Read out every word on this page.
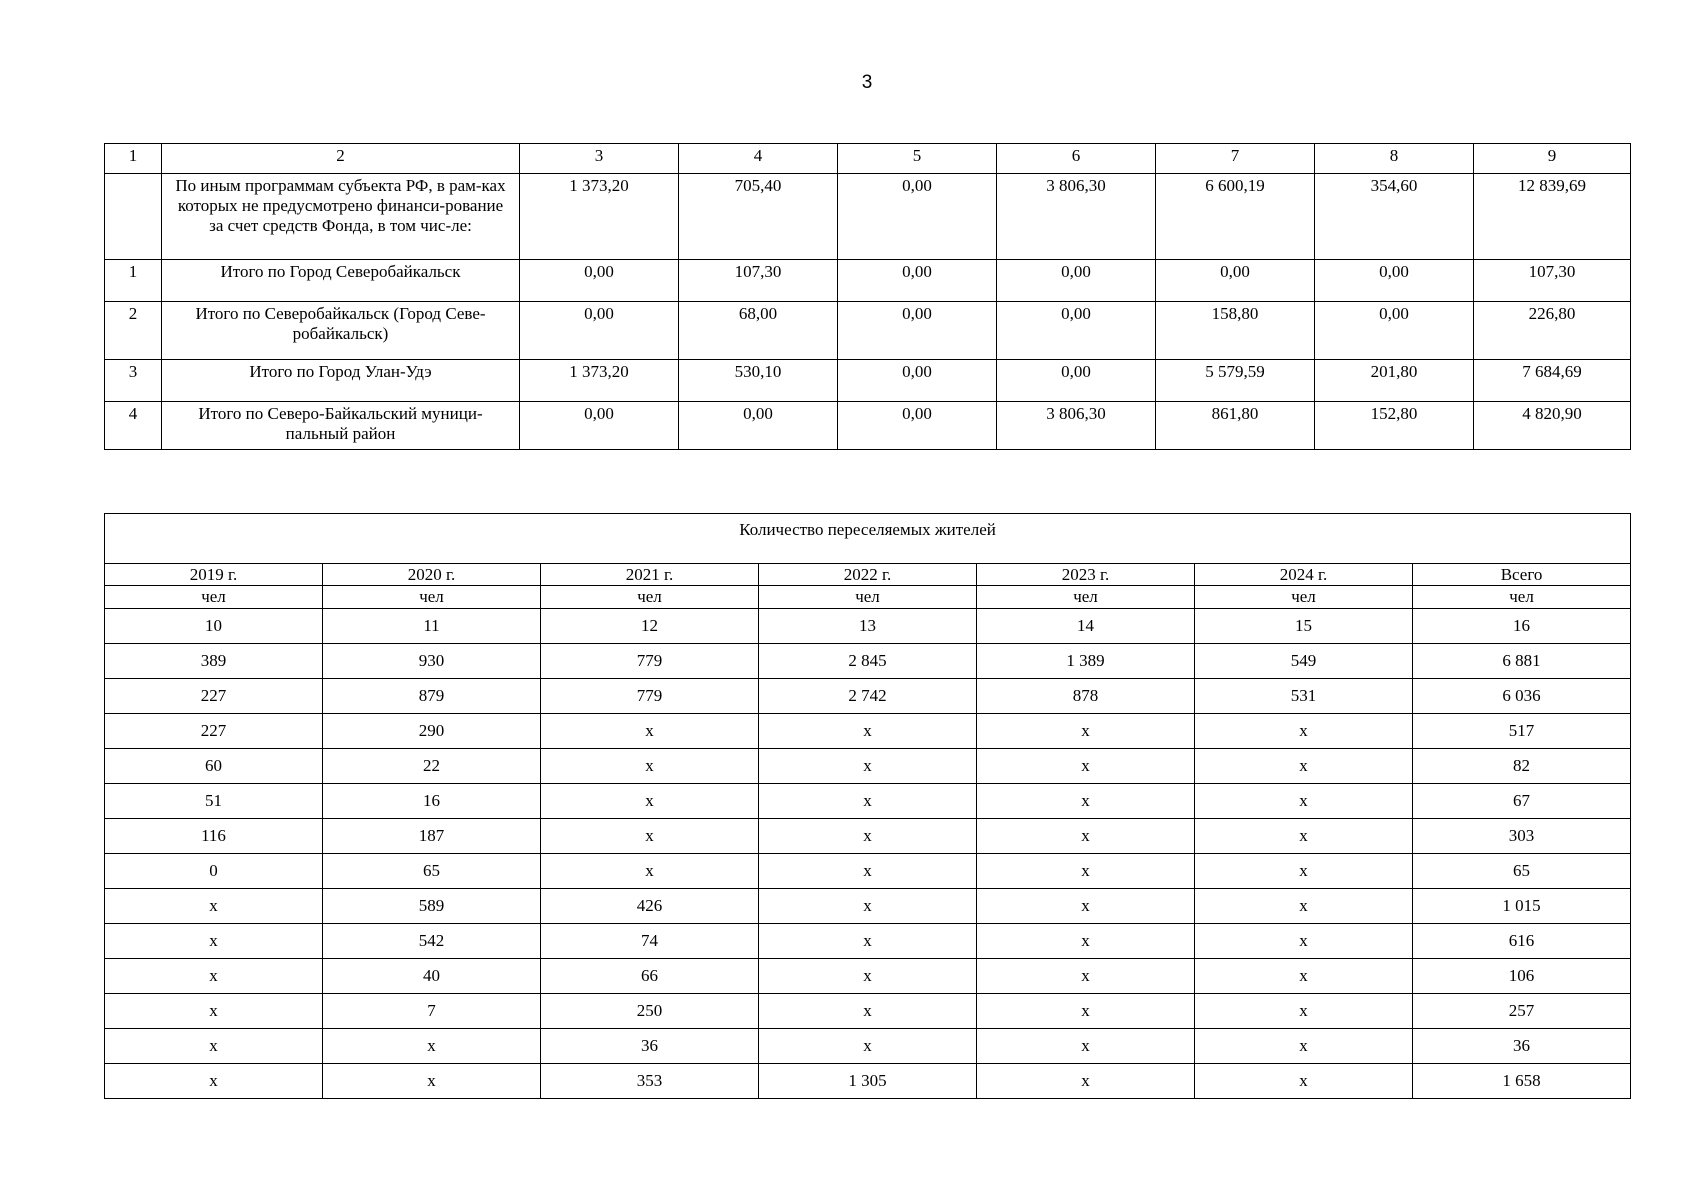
3
1	2	3	4	5	6	7	8	9
	По иным программам субъекта РФ, в рам-ках которых не предусмотрено финанси-рование за счет средств Фонда, в том чис-ле:	1 373,20	705,40	0,00	3 806,30	6 600,19	354,60	12 839,69
1	Итого по Город Северобайкальск	0,00	107,30	0,00	0,00	0,00	0,00	107,30
2	Итого по Северобайкальск (Город Севе-робайкальск)	0,00	68,00	0,00	0,00	158,80	0,00	226,80
3	Итого по Город Улан-Удэ	1 373,20	530,10	0,00	0,00	5 579,59	201,80	7 684,69
4	Итого по Северо-Байкальский муници-пальный район	0,00	0,00	0,00	3 806,30	861,80	152,80	4 820,90
Количество переселяемых жителей						
2019 г.	2020 г.	2021 г.	2022 г.	2023 г.	2024 г.	Всего
чел	чел	чел	чел	чел	чел	чел
10	11	12	13	14	15	16
389	930	779	2 845	1 389	549	6 881
227	879	779	2 742	878	531	6 036
227	290	x	x	x	x	517
60	22	x	x	x	x	82
51	16	x	x	x	x	67
116	187	x	x	x	x	303
0	65	x	x	x	x	65
x	589	426	x	x	x	1 015
x	542	74	x	x	x	616
x	40	66	x	x	x	106
x	7	250	x	x	x	257
x	x	36	x	x	x	36
x	x	353	1 305	x	x	1 658
